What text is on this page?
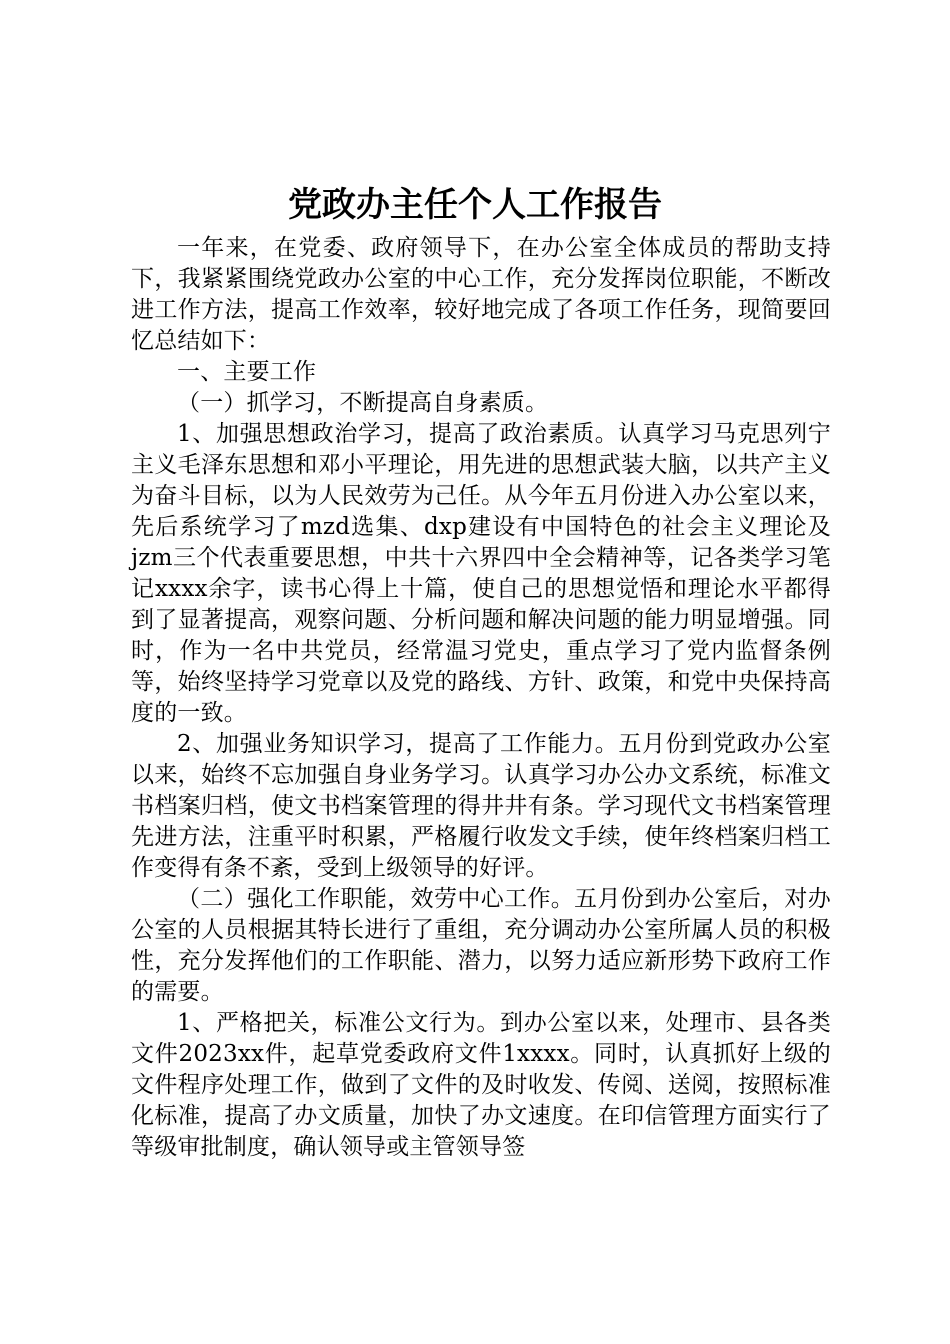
党政办主任个人工作报告

一年来，在党委、政府领导下，在办公室全体成员的帮助支持下，我紧紧围绕党政办公室的中心工作，充分发挥岗位职能，不断改进工作方法，提高工作效率，较好地完成了各项工作任务，现简要回忆总结如下：

一、主要工作

（一）抓学习，不断提高自身素质。

1、加强思想政治学习，提高了政治素质。认真学习马克思列宁主义毛泽东思想和邓小平理论，用先进的思想武装大脑，以共产主义为奋斗目标，以为人民效劳为己任。从今年五月份进入办公室以来，先后系统学习了mzd选集、dxp建设有中国特色的社会主义理论及jzm三个代表重要思想，中共十六界四中全会精神等，记各类学习笔记xxxx余字，读书心得上十篇，使自己的思想觉悟和理论水平都得到了显著提高，观察问题、分析问题和解决问题的能力明显增强。同时，作为一名中共党员，经常温习党史，重点学习了党内监督条例等，始终坚持学习党章以及党的路线、方针、政策，和党中央保持高度的一致。

2、加强业务知识学习，提高了工作能力。五月份到党政办公室以来，始终不忘加强自身业务学习。认真学习办公办文系统，标准文书档案归档，使文书档案管理的得井井有条。学习现代文书档案管理先进方法，注重平时积累，严格履行收发文手续，使年终档案归档工作变得有条不紊，受到上级领导的好评。

（二）强化工作职能，效劳中心工作。五月份到办公室后，对办公室的人员根据其特长进行了重组，充分调动办公室所属人员的积极性，充分发挥他们的工作职能、潜力，以努力适应新形势下政府工作的需要。

1、严格把关，标准公文行为。到办公室以来，处理市、县各类文件2023xx件，起草党委政府文件1xxxx。同时，认真抓好上级的文件程序处理工作，做到了文件的及时收发、传阅、送阅，按照标准化标准，提高了办文质量，加快了办文速度。在印信管理方面实行了等级审批制度，确认领导或主管领导签
